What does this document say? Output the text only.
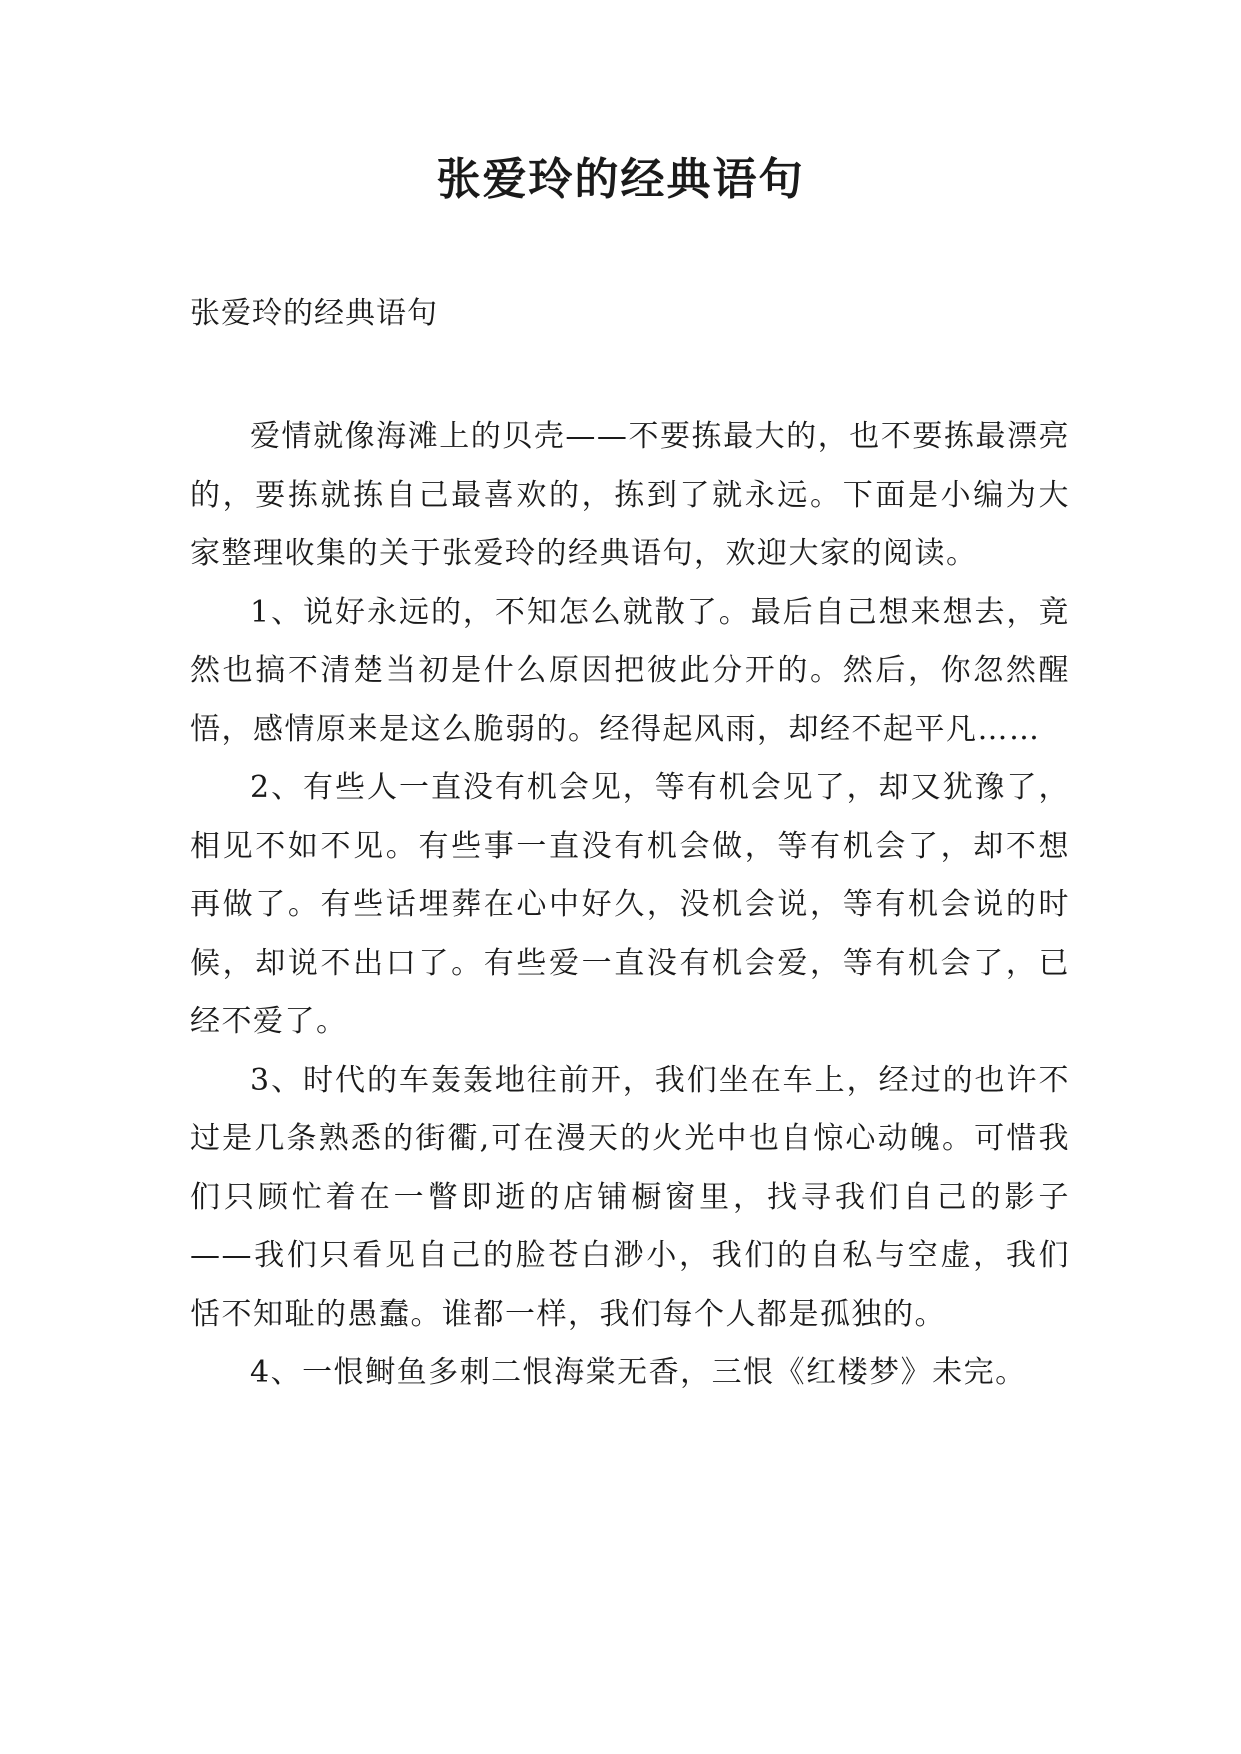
张爱玲的经典语句

张爱玲的经典语句

爱情就像海滩上的贝壳——不要拣最大的，也不要拣最漂亮的，要拣就拣自己最喜欢的，拣到了就永远。下面是小编为大家整理收集的关于张爱玲的经典语句，欢迎大家的阅读。

1、说好永远的，不知怎么就散了。最后自己想来想去，竟然也搞不清楚当初是什么原因把彼此分开的。然后，你忽然醒悟，感情原来是这么脆弱的。经得起风雨，却经不起平凡……

2、有些人一直没有机会见，等有机会见了，却又犹豫了，相见不如不见。有些事一直没有机会做，等有机会了，却不想再做了。有些话埋葬在心中好久，没机会说，等有机会说的时候，却说不出口了。有些爱一直没有机会爱，等有机会了，已经不爱了。

3、时代的车轰轰地往前开，我们坐在车上，经过的也许不过是几条熟悉的街衢,可在漫天的火光中也自惊心动魄。可惜我们只顾忙着在一瞥即逝的店铺橱窗里，找寻我们自己的影子——我们只看见自己的脸苍白渺小，我们的自私与空虚，我们恬不知耻的愚蠢。谁都一样，我们每个人都是孤独的。

4、一恨鲥鱼多刺二恨海棠无香，三恨《红楼梦》未完。
